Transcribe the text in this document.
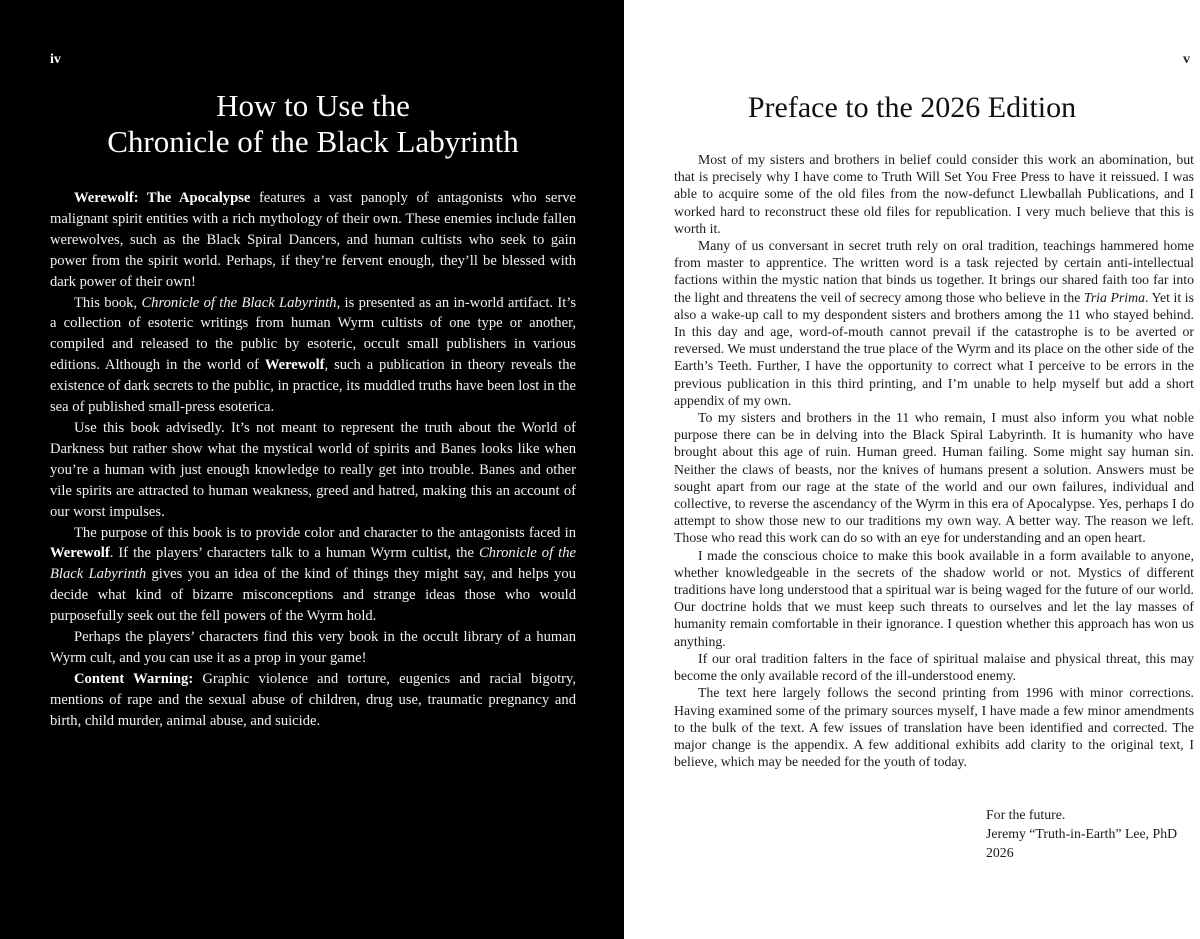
iv
How to Use the
Chronicle of the Black Labyrinth

Werewolf: The Apocalypse features a vast panoply of antagonists who serve malignant spirit entities with a rich mythology of their own. These enemies include fallen werewolves, such as the Black Spiral Dancers, and human cultists who seek to gain power from the spirit world. Perhaps, if they’re fervent enough, they’ll be blessed with dark power of their own!

This book, Chronicle of the Black Labyrinth, is presented as an in-world artifact. It’s a collection of esoteric writings from human Wyrm cultists of one type or another, compiled and released to the public by esoteric, occult small publishers in various editions. Although in the world of Werewolf, such a publication in theory reveals the existence of dark secrets to the public, in practice, its muddled truths have been lost in the sea of published small-press esoterica.

Use this book advisedly. It’s not meant to represent the truth about the World of Darkness but rather show what the mystical world of spirits and Banes looks like when you’re a human with just enough knowledge to really get into trouble. Banes and other vile spirits are attracted to human weakness, greed and hatred, making this an account of our worst impulses.

The purpose of this book is to provide color and character to the antagonists faced in Werewolf. If the players’ characters talk to a human Wyrm cultist, the Chronicle of the Black Labyrinth gives you an idea of the kind of things they might say, and helps you decide what kind of bizarre misconceptions and strange ideas those who would purposefully seek out the fell powers of the Wyrm hold.

Perhaps the players’ characters find this very book in the occult library of a human Wyrm cult, and you can use it as a prop in your game!

Content Warning: Graphic violence and torture, eugenics and racial bigotry, mentions of rape and the sexual abuse of children, drug use, traumatic pregnancy and birth, child murder, animal abuse, and suicide.

v
Preface to the 2026 Edition

Most of my sisters and brothers in belief could consider this work an abomination, but that is precisely why I have come to Truth Will Set You Free Press to have it reissued. I was able to acquire some of the old files from the now-defunct Llewballah Publications, and I worked hard to reconstruct these old files for republication. I very much believe that this is worth it.

Many of us conversant in secret truth rely on oral tradition, teachings hammered home from master to apprentice. The written word is a task rejected by certain anti-intellectual factions within the mystic nation that binds us together. It brings our shared faith too far into the light and threatens the veil of secrecy among those who believe in the Tria Prima. Yet it is also a wake-up call to my despondent sisters and brothers among the 11 who stayed behind. In this day and age, word-of-mouth cannot prevail if the catastrophe is to be averted or reversed. We must understand the true place of the Wyrm and its place on the other side of the Earth’s Teeth. Further, I have the opportunity to correct what I perceive to be errors in the previous publication in this third printing, and I’m unable to help myself but add a short appendix of my own.

To my sisters and brothers in the 11 who remain, I must also inform you what noble purpose there can be in delving into the Black Spiral Labyrinth. It is humanity who have brought about this age of ruin. Human greed. Human failing. Some might say human sin. Neither the claws of beasts, nor the knives of humans present a solution. Answers must be sought apart from our rage at the state of the world and our own failures, individual and collective, to reverse the ascendancy of the Wyrm in this era of Apocalypse. Yes, perhaps I do attempt to show those new to our traditions my own way. A better way. The reason we left. Those who read this work can do so with an eye for understanding and an open heart.

I made the conscious choice to make this book available in a form available to anyone, whether knowledgeable in the secrets of the shadow world or not. Mystics of different traditions have long understood that a spiritual war is being waged for the future of our world. Our doctrine holds that we must keep such threats to ourselves and let the lay masses of humanity remain comfortable in their ignorance. I question whether this approach has won us anything.

If our oral tradition falters in the face of spiritual malaise and physical threat, this may become the only available record of the ill-understood enemy.

The text here largely follows the second printing from 1996 with minor corrections. Having examined some of the primary sources myself, I have made a few minor amendments to the bulk of the text. A few issues of translation have been identified and corrected. The major change is the appendix. A few additional exhibits add clarity to the original text, I believe, which may be needed for the youth of today.

For the future.
Jeremy “Truth-in-Earth” Lee, PhD
2026
